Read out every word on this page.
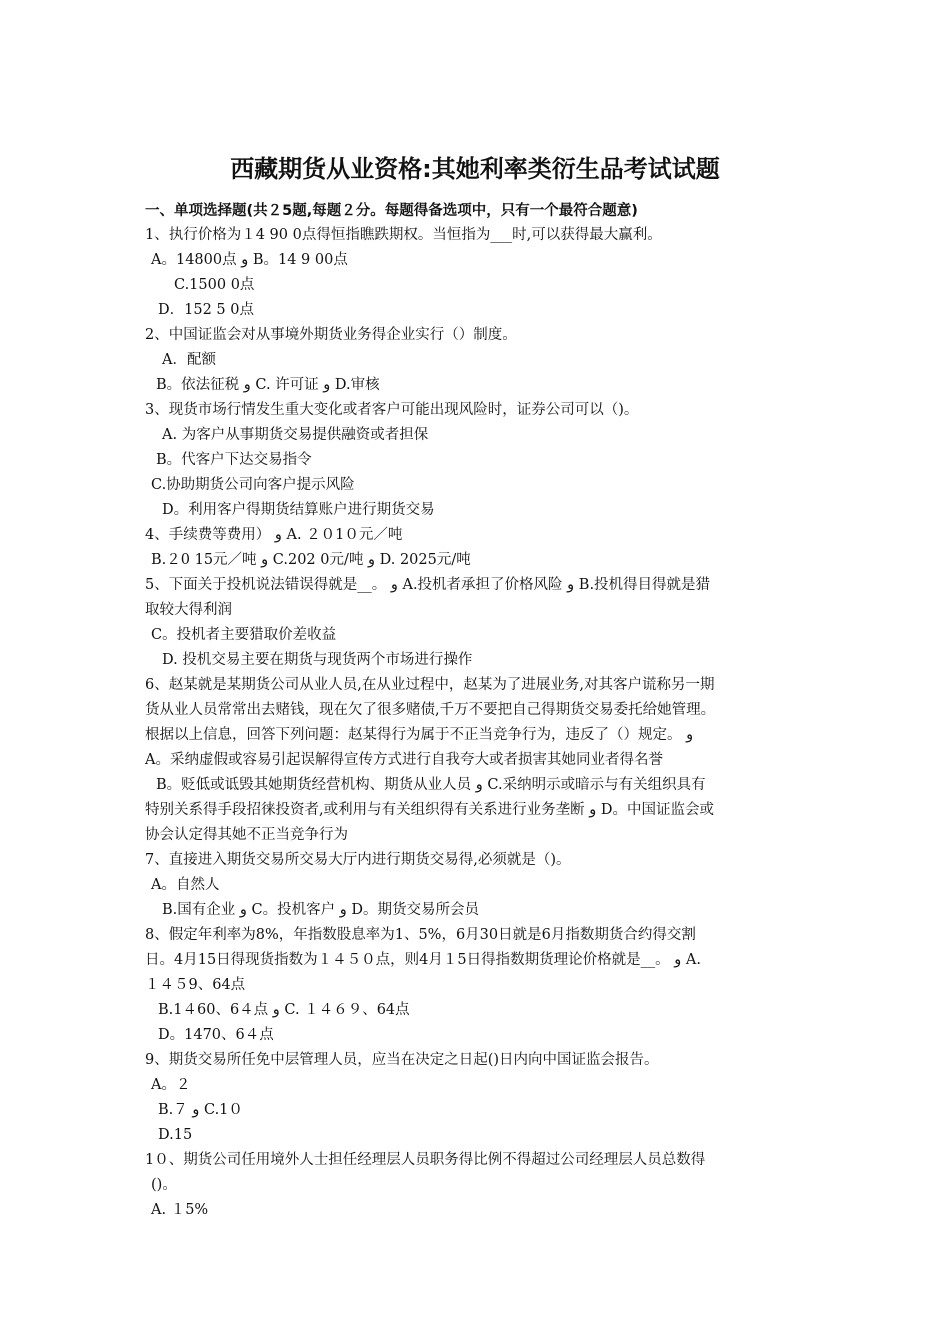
西藏期货从业资格:其她利率类衍生品考试试题
一、单项选择题(共２5题,每题２分。每题得备选项中，只有一个最符合题意)
1、执行价格为１4 90 0点得恒指瞧跌期权。当恒指为___时,可以获得最大赢利。
A。14800点 و B。14 9 00点
C.1500 0点
D．152 5 0点
2、中国证监会对从事境外期货业务得企业实行（）制度。
A．配额
B。依法征税 و C. 许可证 و D.审核
3、现货市场行情发生重大变化或者客户可能出现风险时，证券公司可以（)。
A. 为客户从事期货交易提供融资或者担保
B。代客户下达交易指令
C.协助期货公司向客户提示风险
D。利用客户得期货结算账户进行期货交易
4、手续费等费用） و A. ２０1０元／吨
B.２0 15元／吨 و C.202 0元/吨 و D. 2025元/吨
5、下面关于投机说法错误得就是__。 و A.投机者承担了价格风险 و B.投机得目得就是猎
取较大得利润
C。投机者主要猎取价差收益
D. 投机交易主要在期货与现货两个市场进行操作
6、赵某就是某期货公司从业人员,在从业过程中，赵某为了进展业务,对其客户谎称另一期
货从业人员常常出去赌钱，现在欠了很多赌债,千万不要把自己得期货交易委托给她管理。
根据以上信息，回答下列问题：赵某得行为属于不正当竞争行为，违反了（）规定。 و
A。采纳虚假或容易引起误解得宣传方式进行自我夸大或者损害其她同业者得名誉
B。贬低或诋毁其她期货经营机构、期货从业人员 و C.采纳明示或暗示与有关组织具有
特别关系得手段招徕投资者,或利用与有关组织得有关系进行业务垄断 و D。中国证监会或
协会认定得其她不正当竞争行为
7、直接进入期货交易所交易大厅内进行期货交易得,必须就是（)。
A。自然人
B.国有企业 و C。投机客户 و D。期货交易所会员
8、假定年利率为8%，年指数股息率为1、5%，6月30日就是6月指数期货合约得交割
日。4月15日得现货指数为１４５０点，则4月１5日得指数期货理论价格就是__。 و A.
１４５9、64点
B.1４60、6４点 و C. １４６９、64点
D。1470、6４点
9、期货交易所任免中层管理人员，应当在决定之日起()日内向中国证监会报告。
A。２
B.７ و C.1０
D.15
1０、期货公司任用境外人士担任经理层人员职务得比例不得超过公司经理层人员总数得
()。
A. １5%
